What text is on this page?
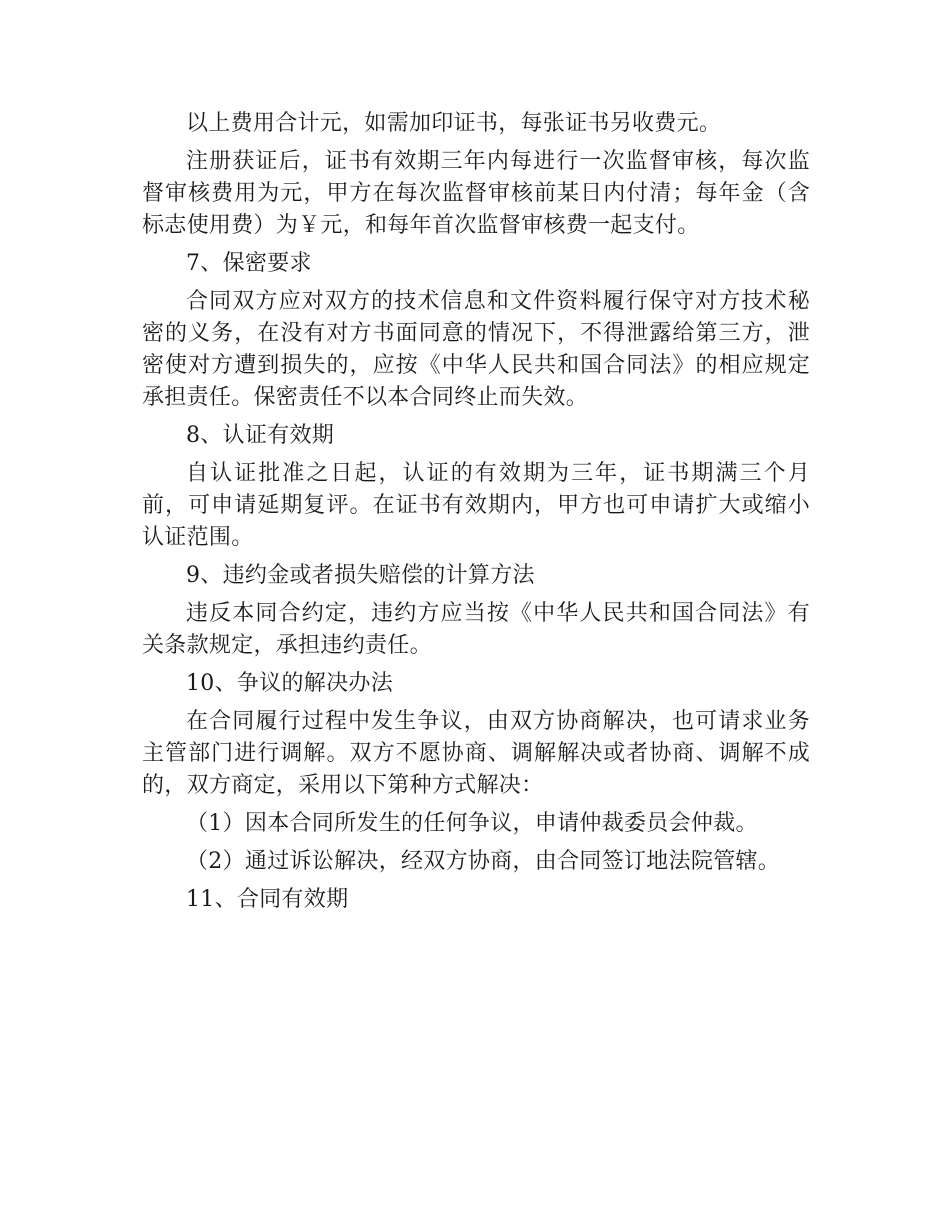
以上费用合计元，如需加印证书，每张证书另收费元。

注册获证后，证书有效期三年内每进行一次监督审核，每次监督审核费用为元，甲方在每次监督审核前某日内付清；每年金（含标志使用费）为￥元，和每年首次监督审核费一起支付。

7、保密要求

合同双方应对双方的技术信息和文件资料履行保守对方技术秘密的义务，在没有对方书面同意的情况下，不得泄露给第三方，泄密使对方遭到损失的，应按《中华人民共和国合同法》的相应规定承担责任。保密责任不以本合同终止而失效。

8、认证有效期

自认证批准之日起，认证的有效期为三年，证书期满三个月前，可申请延期复评。在证书有效期内，甲方也可申请扩大或缩小认证范围。

9、违约金或者损失赔偿的计算方法

违反本同合约定，违约方应当按《中华人民共和国合同法》有关条款规定，承担违约责任。

10、争议的解决办法

在合同履行过程中发生争议，由双方协商解决，也可请求业务主管部门进行调解。双方不愿协商、调解解决或者协商、调解不成的，双方商定，采用以下第种方式解决：

（1）因本合同所发生的任何争议，申请仲裁委员会仲裁。

（2）通过诉讼解决，经双方协商，由合同签订地法院管辖。

11、合同有效期
